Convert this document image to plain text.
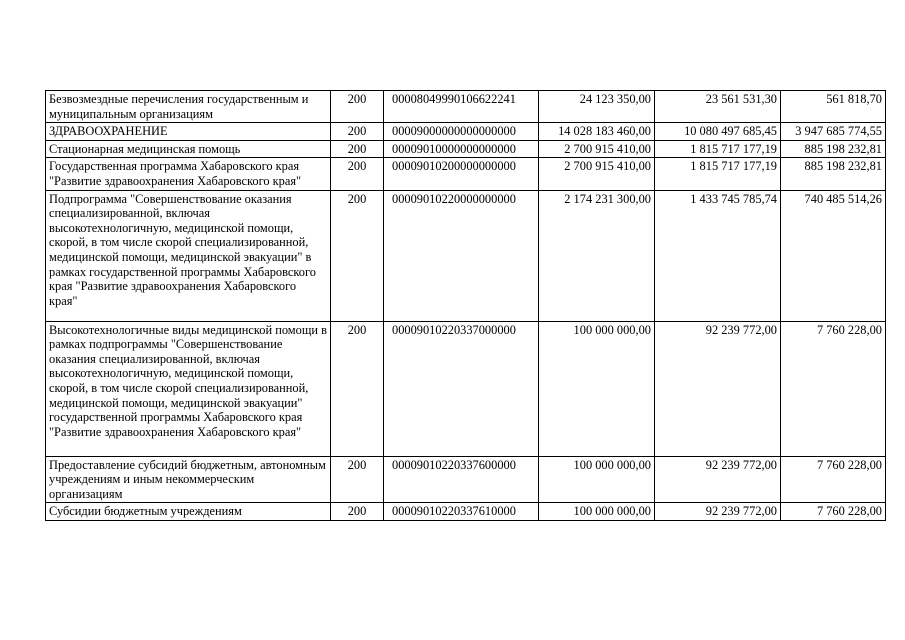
Безвозмездные перечисления государственным и муниципальным организациям	200	00008049990106622241	24 123 350,00	23 561 531,30	561 818,70
ЗДРАВООХРАНЕНИЕ	200	00009000000000000000	14 028 183 460,00	10 080 497 685,45	3 947 685 774,55
Стационарная медицинская помощь	200	00009010000000000000	2 700 915 410,00	1 815 717 177,19	885 198 232,81
Государственная программа Хабаровского края "Развитие здравоохранения Хабаровского края"	200	00009010200000000000	2 700 915 410,00	1 815 717 177,19	885 198 232,81
Подпрограмма "Совершенствование оказания специализированной, включая высокотехнологичную, медицинской помощи, скорой, в том числе скорой специализированной, медицинской помощи, медицинской эвакуации" в рамках государственной программы Хабаровского края "Развитие здравоохранения Хабаровского края"	200	00009010220000000000	2 174 231 300,00	1 433 745 785,74	740 485 514,26
Высокотехнологичные виды медицинской помощи в рамках подпрограммы "Совершенствование оказания специализированной, включая высокотехнологичную, медицинской помощи, скорой, в том числе скорой специализированной, медицинской помощи, медицинской эвакуации" государственной программы Хабаровского края "Развитие здравоохранения Хабаровского края"	200	00009010220337000000	100 000 000,00	92 239 772,00	7 760 228,00
Предоставление субсидий бюджетным, автономным учреждениям и иным некоммерческим организациям	200	00009010220337600000	100 000 000,00	92 239 772,00	7 760 228,00
Субсидии бюджетным учреждениям	200	00009010220337610000	100 000 000,00	92 239 772,00	7 760 228,00
